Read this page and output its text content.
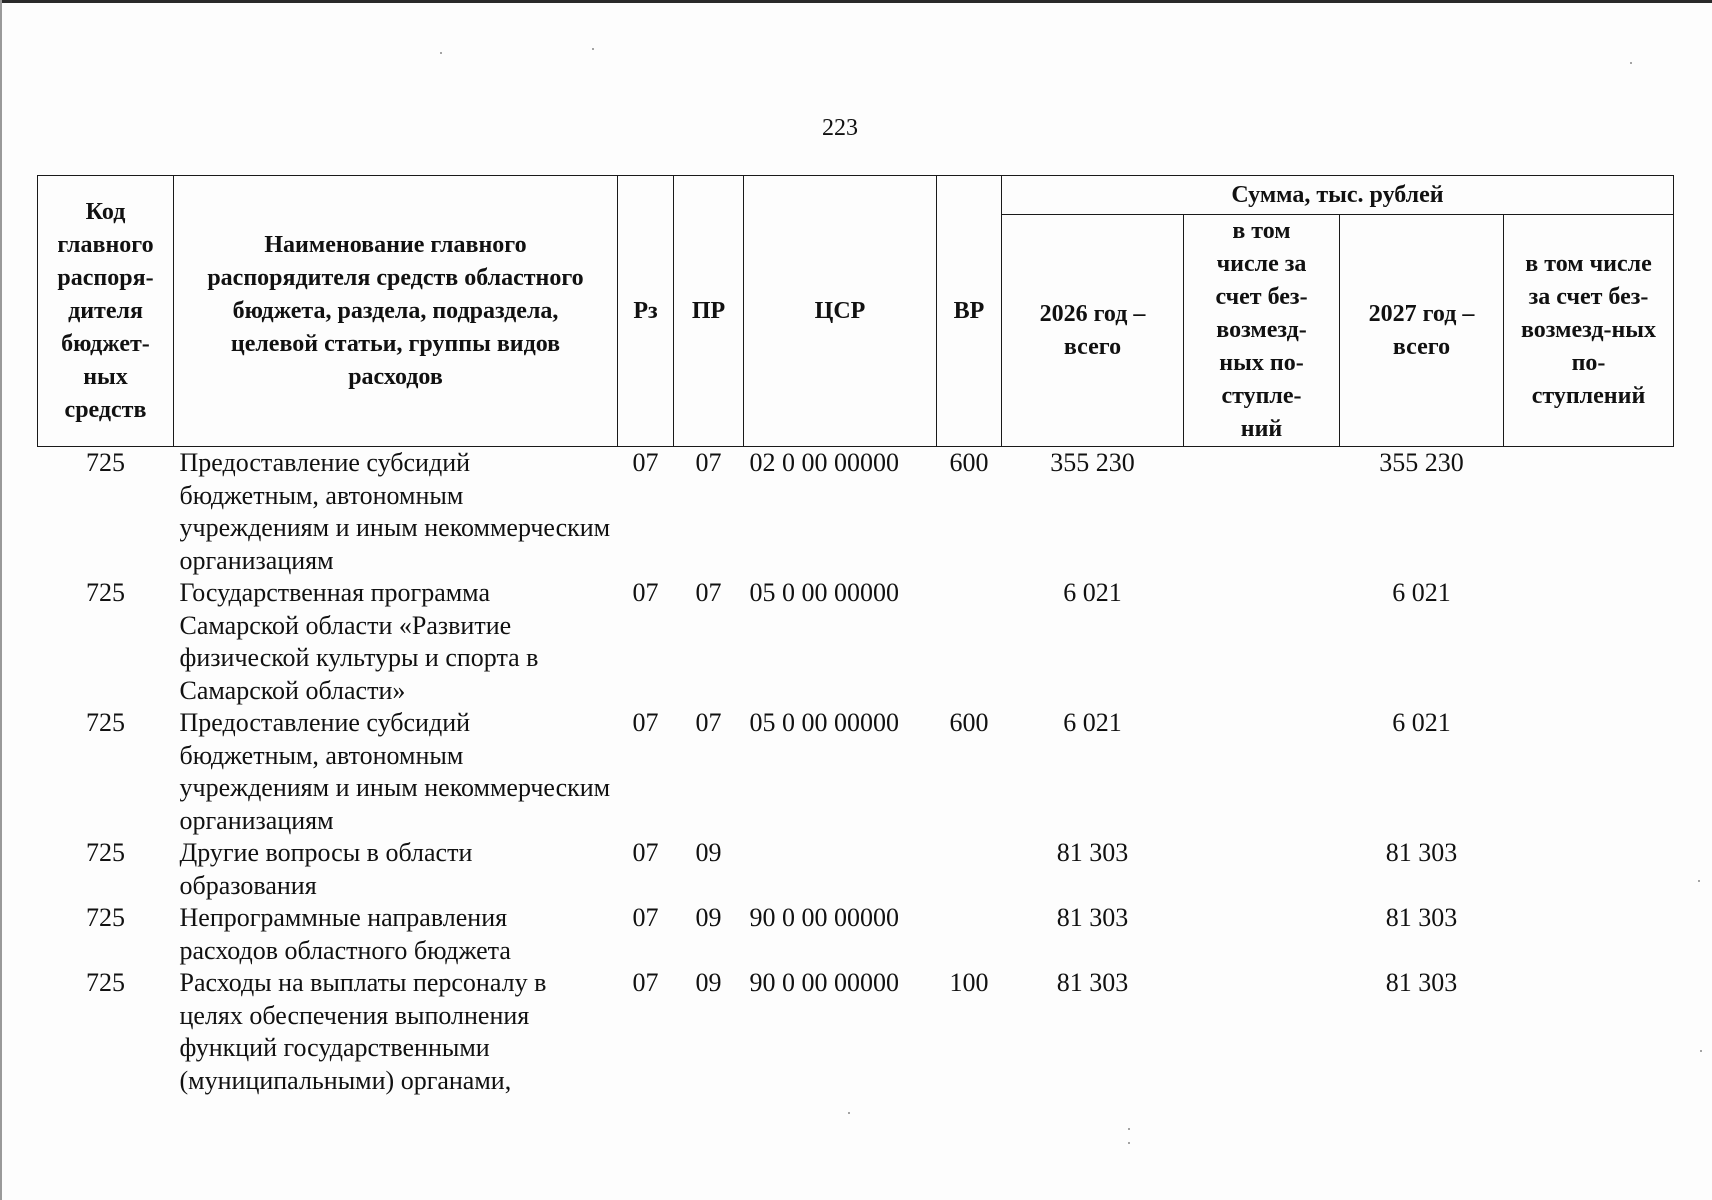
223
Код главного распоря-дителя бюджет-ных средств	Наименование главного распорядителя средств областного бюджета, раздела, подраздела, целевой статьи, группы видов расходов	Рз	ПР	ЦСР	ВР	Сумма, тыс. рублей			
						2026 год – всего	в том числе за счет без-возмезд-ных по-ступле-ний	2027 год – всего	в том числе за счет без-возмезд-ных по-ступлений
725	Предоставление субсидий бюджетным, автономным учреждениям и иным некоммерческим организациям	07	07	02 0 00 00000	600	355 230		355 230	
725	Государственная программа Самарской области «Развитие физической культуры и спорта в Самарской области»	07	07	05 0 00 00000		6 021		6 021	
725	Предоставление субсидий бюджетным, автономным учреждениям и иным некоммерческим организациям	07	07	05 0 00 00000	600	6 021		6 021	
725	Другие вопросы в области образования	07	09			81 303		81 303	
725	Непрограммные направления расходов областного бюджета	07	09	90 0 00 00000		81 303		81 303	
725	Расходы на выплаты персоналу в целях обеспечения выполнения функций государственными (муниципальными) органами,	07	09	90 0 00 00000	100	81 303		81 303	
